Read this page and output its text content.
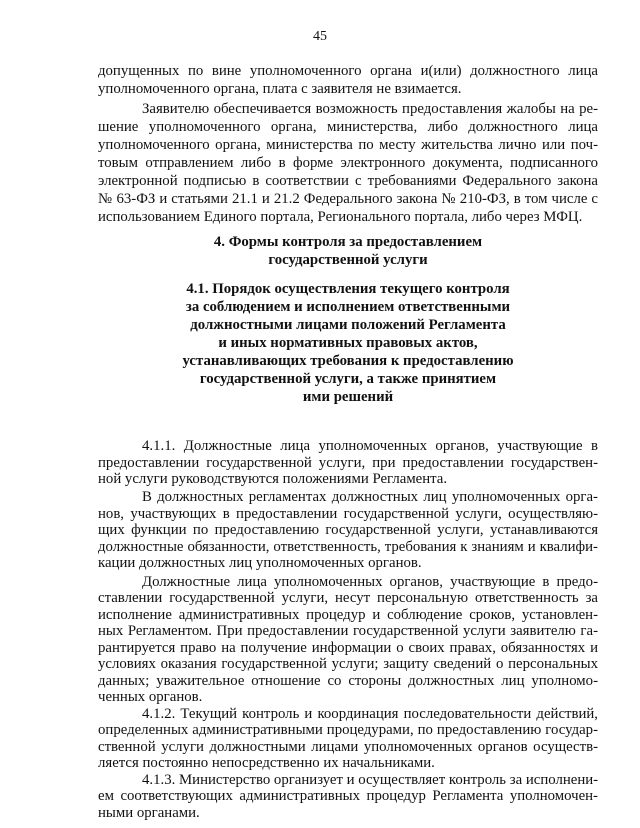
45
допущенных по вине уполномоченного органа и(или) должностного лица
уполномоченного органа, плата с заявителя не взимается.
Заявителю обеспечивается возможность предоставления жалобы на ре-
шение уполномоченного органа, министерства, либо должностного лица
уполномоченного органа, министерства по месту жительства лично или поч-
товым отправлением либо в форме электронного документа, подписанного
электронной подписью в соответствии с требованиями Федерального закона
№ 63-ФЗ и статьями 21.1 и 21.2 Федерального закона № 210-ФЗ, в том числе с
использованием Единого портала, Регионального портала, либо через МФЦ.
4. Формы контроля за предоставлением
государственной услуги
4.1. Порядок осуществления текущего контроля
за соблюдением и исполнением ответственными
должностными лицами положений Регламента
и иных нормативных правовых актов,
устанавливающих требования к предоставлению
государственной услуги, а также принятием
ими решений
4.1.1. Должностные лица уполномоченных органов, участвующие в
предоставлении государственной услуги, при предоставлении государствен-
ной услуги руководствуются положениями Регламента.
В должностных регламентах должностных лиц уполномоченных орга-
нов, участвующих в предоставлении государственной услуги, осуществляю-
щих функции по предоставлению государственной услуги, устанавливаются
должностные обязанности, ответственность, требования к знаниям и квалифи-
кации должностных лиц уполномоченных органов.
Должностные лица уполномоченных органов, участвующие в предо-
ставлении государственной услуги, несут персональную ответственность за
исполнение административных процедур и соблюдение сроков, установлен-
ных Регламентом. При предоставлении государственной услуги заявителю га-
рантируется право на получение информации о своих правах, обязанностях и
условиях оказания государственной услуги; защиту сведений о персональных
данных; уважительное отношение со стороны должностных лиц уполномо-
ченных органов.
4.1.2. Текущий контроль и координация последовательности действий,
определенных административными процедурами, по предоставлению государ-
ственной услуги должностными лицами уполномоченных органов осуществ-
ляется постоянно непосредственно их начальниками.
4.1.3. Министерство организует и осуществляет контроль за исполнени-
ем соответствующих административных процедур Регламента уполномочен-
ными органами.
